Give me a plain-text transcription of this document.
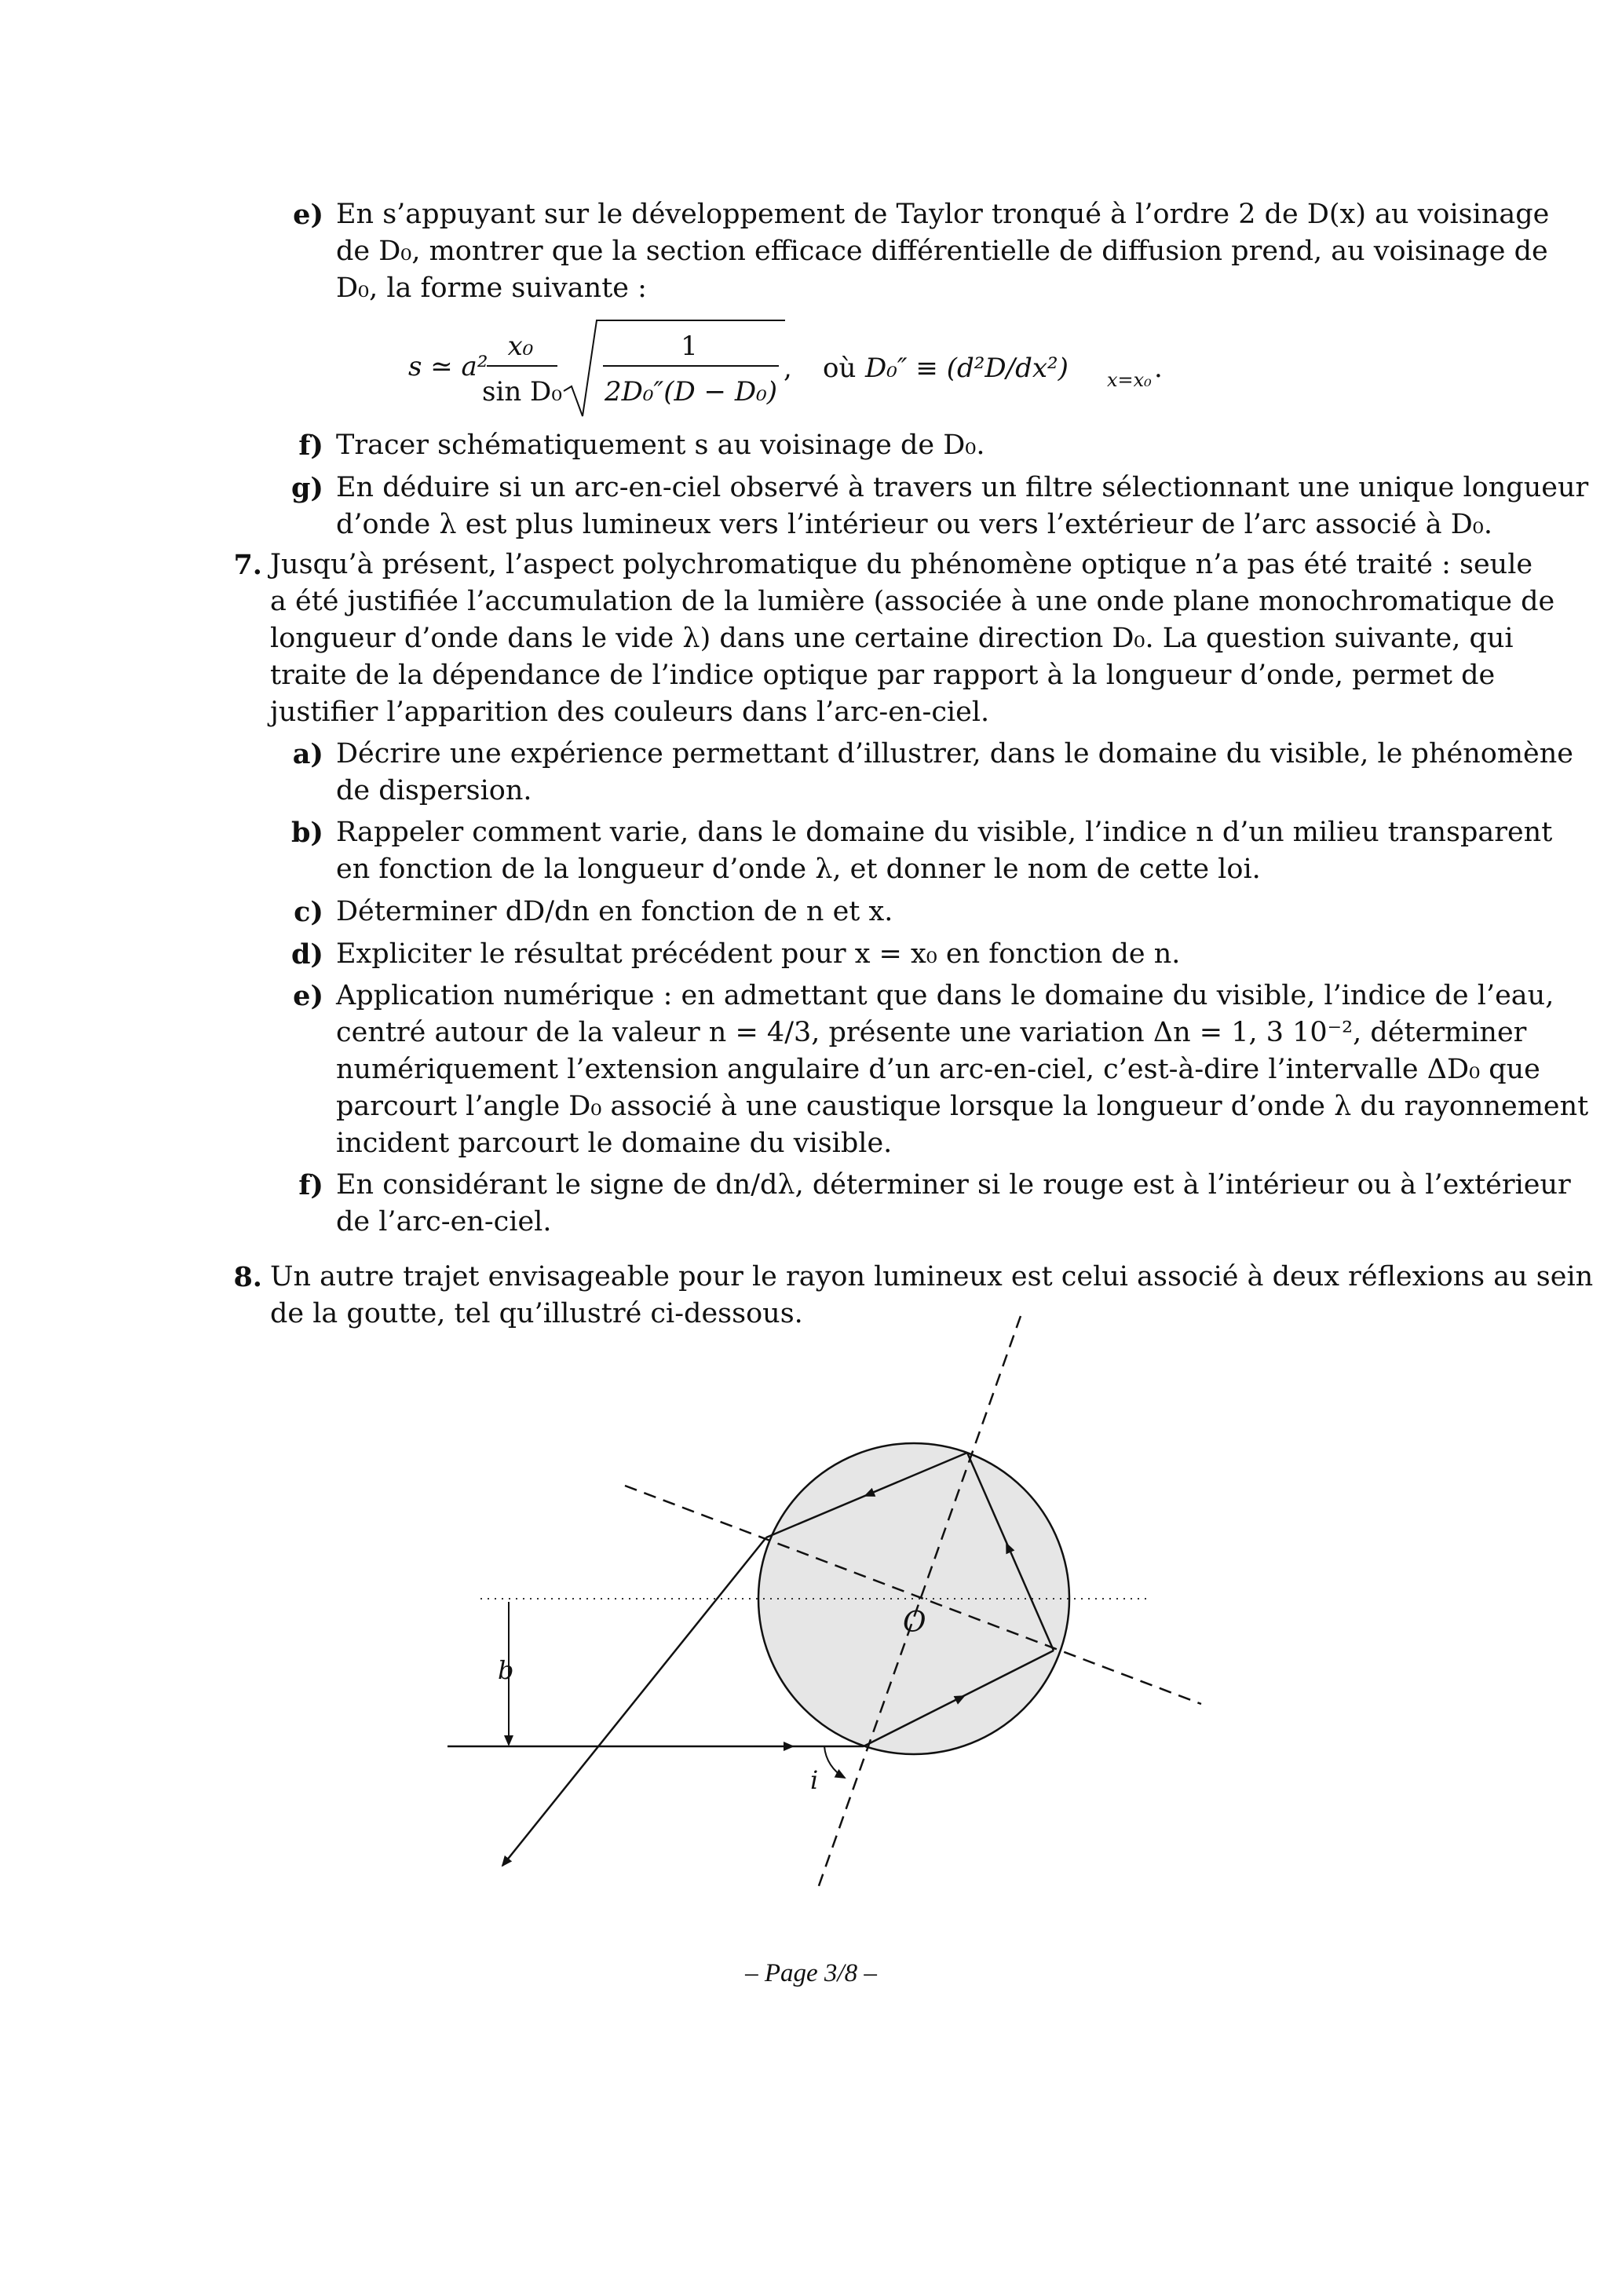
e) En s’appuyant sur le développement de Taylor tronqué à l’ordre 2 de D(x) au voisinage
de D₀, montrer que la section efficace différentielle de diffusion prend, au voisinage de
D₀, la forme suivante :
s ≃ a²
x₀
sin D₀
1
2D₀″(D − D₀)
, où D₀″ ≡ (d²D/dx²) x=x₀ .
f) Tracer schématiquement s au voisinage de D₀.
g) En déduire si un arc-en-ciel observé à travers un filtre sélectionnant une unique longueur
d’onde λ est plus lumineux vers l’intérieur ou vers l’extérieur de l’arc associé à D₀.
7. Jusqu’à présent, l’aspect polychromatique du phénomène optique n’a pas été traité : seule
a été justifiée l’accumulation de la lumière (associée à une onde plane monochromatique de
longueur d’onde dans le vide λ) dans une certaine direction D₀. La question suivante, qui
traite de la dépendance de l’indice optique par rapport à la longueur d’onde, permet de
justifier l’apparition des couleurs dans l’arc-en-ciel.
a) Décrire une expérience permettant d’illustrer, dans le domaine du visible, le phénomène
de dispersion.
b) Rappeler comment varie, dans le domaine du visible, l’indice n d’un milieu transparent
en fonction de la longueur d’onde λ, et donner le nom de cette loi.
c) Déterminer dD/dn en fonction de n et x.
d) Expliciter le résultat précédent pour x = x₀ en fonction de n.
e) Application numérique : en admettant que dans le domaine du visible, l’indice de l’eau,
centré autour de la valeur n = 4/3, présente une variation Δn = 1, 3 10⁻², déterminer
numériquement l’extension angulaire d’un arc-en-ciel, c’est-à-dire l’intervalle ΔD₀ que
parcourt l’angle D₀ associé à une caustique lorsque la longueur d’onde λ du rayonnement
incident parcourt le domaine du visible.
f) En considérant le signe de dn/dλ, déterminer si le rouge est à l’intérieur ou à l’extérieur
de l’arc-en-ciel.
8. Un autre trajet envisageable pour le rayon lumineux est celui associé à deux réflexions au sein
de la goutte, tel qu’illustré ci-dessous.
b
i
O
– Page 3/8 –
